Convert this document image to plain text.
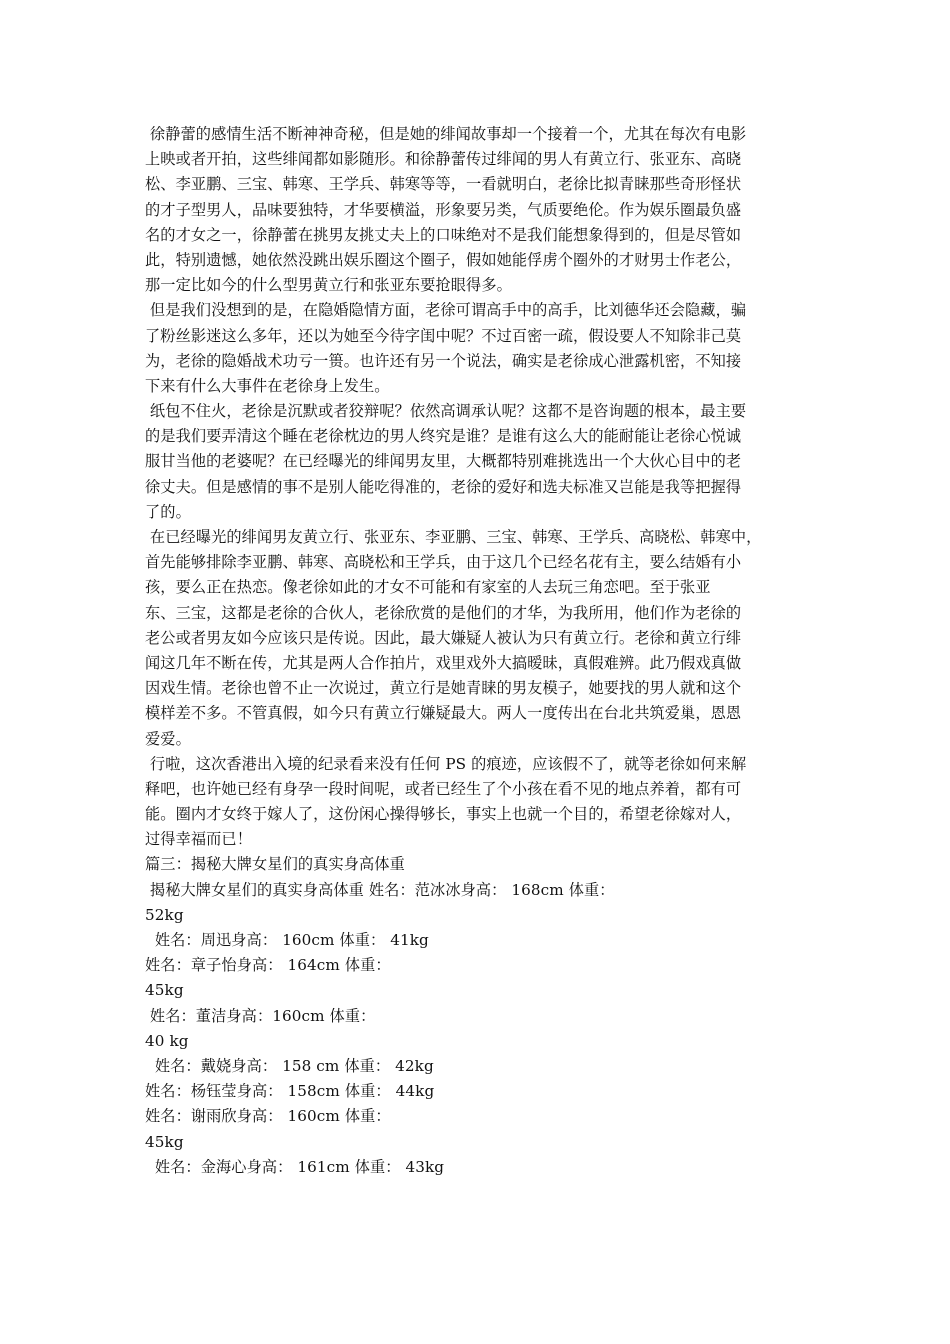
徐静蕾的感情生活不断神神奇秘，但是她的绯闻故事却一个接着一个，尤其在每次有电影
上映或者开拍，这些绯闻都如影随形。和徐静蕾传过绯闻的男人有黄立行、张亚东、高晓
松、李亚鹏、三宝、韩寒、王学兵、韩寒等等，一看就明白，老徐比拟青睐那些奇形怪状
的才子型男人，品味要独特，才华要横溢，形象要另类，气质要绝伦。作为娱乐圈最负盛
名的才女之一，徐静蕾在挑男友挑丈夫上的口味绝对不是我们能想象得到的，但是尽管如
此，特别遗憾，她依然没跳出娱乐圈这个圈子，假如她能俘虏个圈外的才财男士作老公，
那一定比如今的什么型男黄立行和张亚东要抢眼得多。
但是我们没想到的是，在隐婚隐情方面，老徐可谓高手中的高手，比刘德华还会隐藏，骗
了粉丝影迷这么多年，还以为她至今待字闺中呢？不过百密一疏，假设要人不知除非己莫
为，老徐的隐婚战术功亏一篑。也许还有另一个说法，确实是老徐成心泄露机密，不知接
下来有什么大事件在老徐身上发生。
纸包不住火，老徐是沉默或者狡辩呢？依然高调承认呢？这都不是咨询题的根本，最主要
的是我们要弄清这个睡在老徐枕边的男人终究是谁？是谁有这么大的能耐能让老徐心悦诚
服甘当他的老婆呢？在已经曝光的绯闻男友里，大概都特别难挑选出一个大伙心目中的老
徐丈夫。但是感情的事不是别人能吃得准的，老徐的爱好和选夫标准又岂能是我等把握得
了的。
在已经曝光的绯闻男友黄立行、张亚东、李亚鹏、三宝、韩寒、王学兵、高晓松、韩寒中，
首先能够排除李亚鹏、韩寒、高晓松和王学兵，由于这几个已经名花有主，要么结婚有小
孩，要么正在热恋。像老徐如此的才女不可能和有家室的人去玩三角恋吧。至于张亚
东、三宝，这都是老徐的合伙人，老徐欣赏的是他们的才华，为我所用，他们作为老徐的
老公或者男友如今应该只是传说。因此，最大嫌疑人被认为只有黄立行。老徐和黄立行绯
闻这几年不断在传，尤其是两人合作拍片，戏里戏外大搞暧昧，真假难辨。此乃假戏真做
因戏生情。老徐也曾不止一次说过，黄立行是她青睐的男友模子，她要找的男人就和这个
模样差不多。不管真假，如今只有黄立行嫌疑最大。两人一度传出在台北共筑爱巢，恩恩
爱爱。
行啦，这次香港出入境的纪录看来没有任何 PS 的痕迹，应该假不了，就等老徐如何来解
释吧，也许她已经有身孕一段时间呢，或者已经生了个小孩在看不见的地点养着，都有可
能。圈内才女终于嫁人了，这份闲心操得够长，事实上也就一个目的，希望老徐嫁对人，
过得幸福而已！
篇三：揭秘大牌女星们的真实身高体重
揭秘大牌女星们的真实身高体重 姓名：范冰冰身高： 168cm 体重：
52kg
姓名：周迅身高： 160cm 体重： 41kg
姓名：章子怡身高： 164cm 体重：
45kg
姓名：董洁身高：160cm 体重：
40 kg
姓名：戴娆身高： 158 cm 体重： 42kg
姓名：杨钰莹身高： 158cm 体重： 44kg
姓名：谢雨欣身高： 160cm 体重：
45kg
姓名：金海心身高： 161cm 体重： 43kg
